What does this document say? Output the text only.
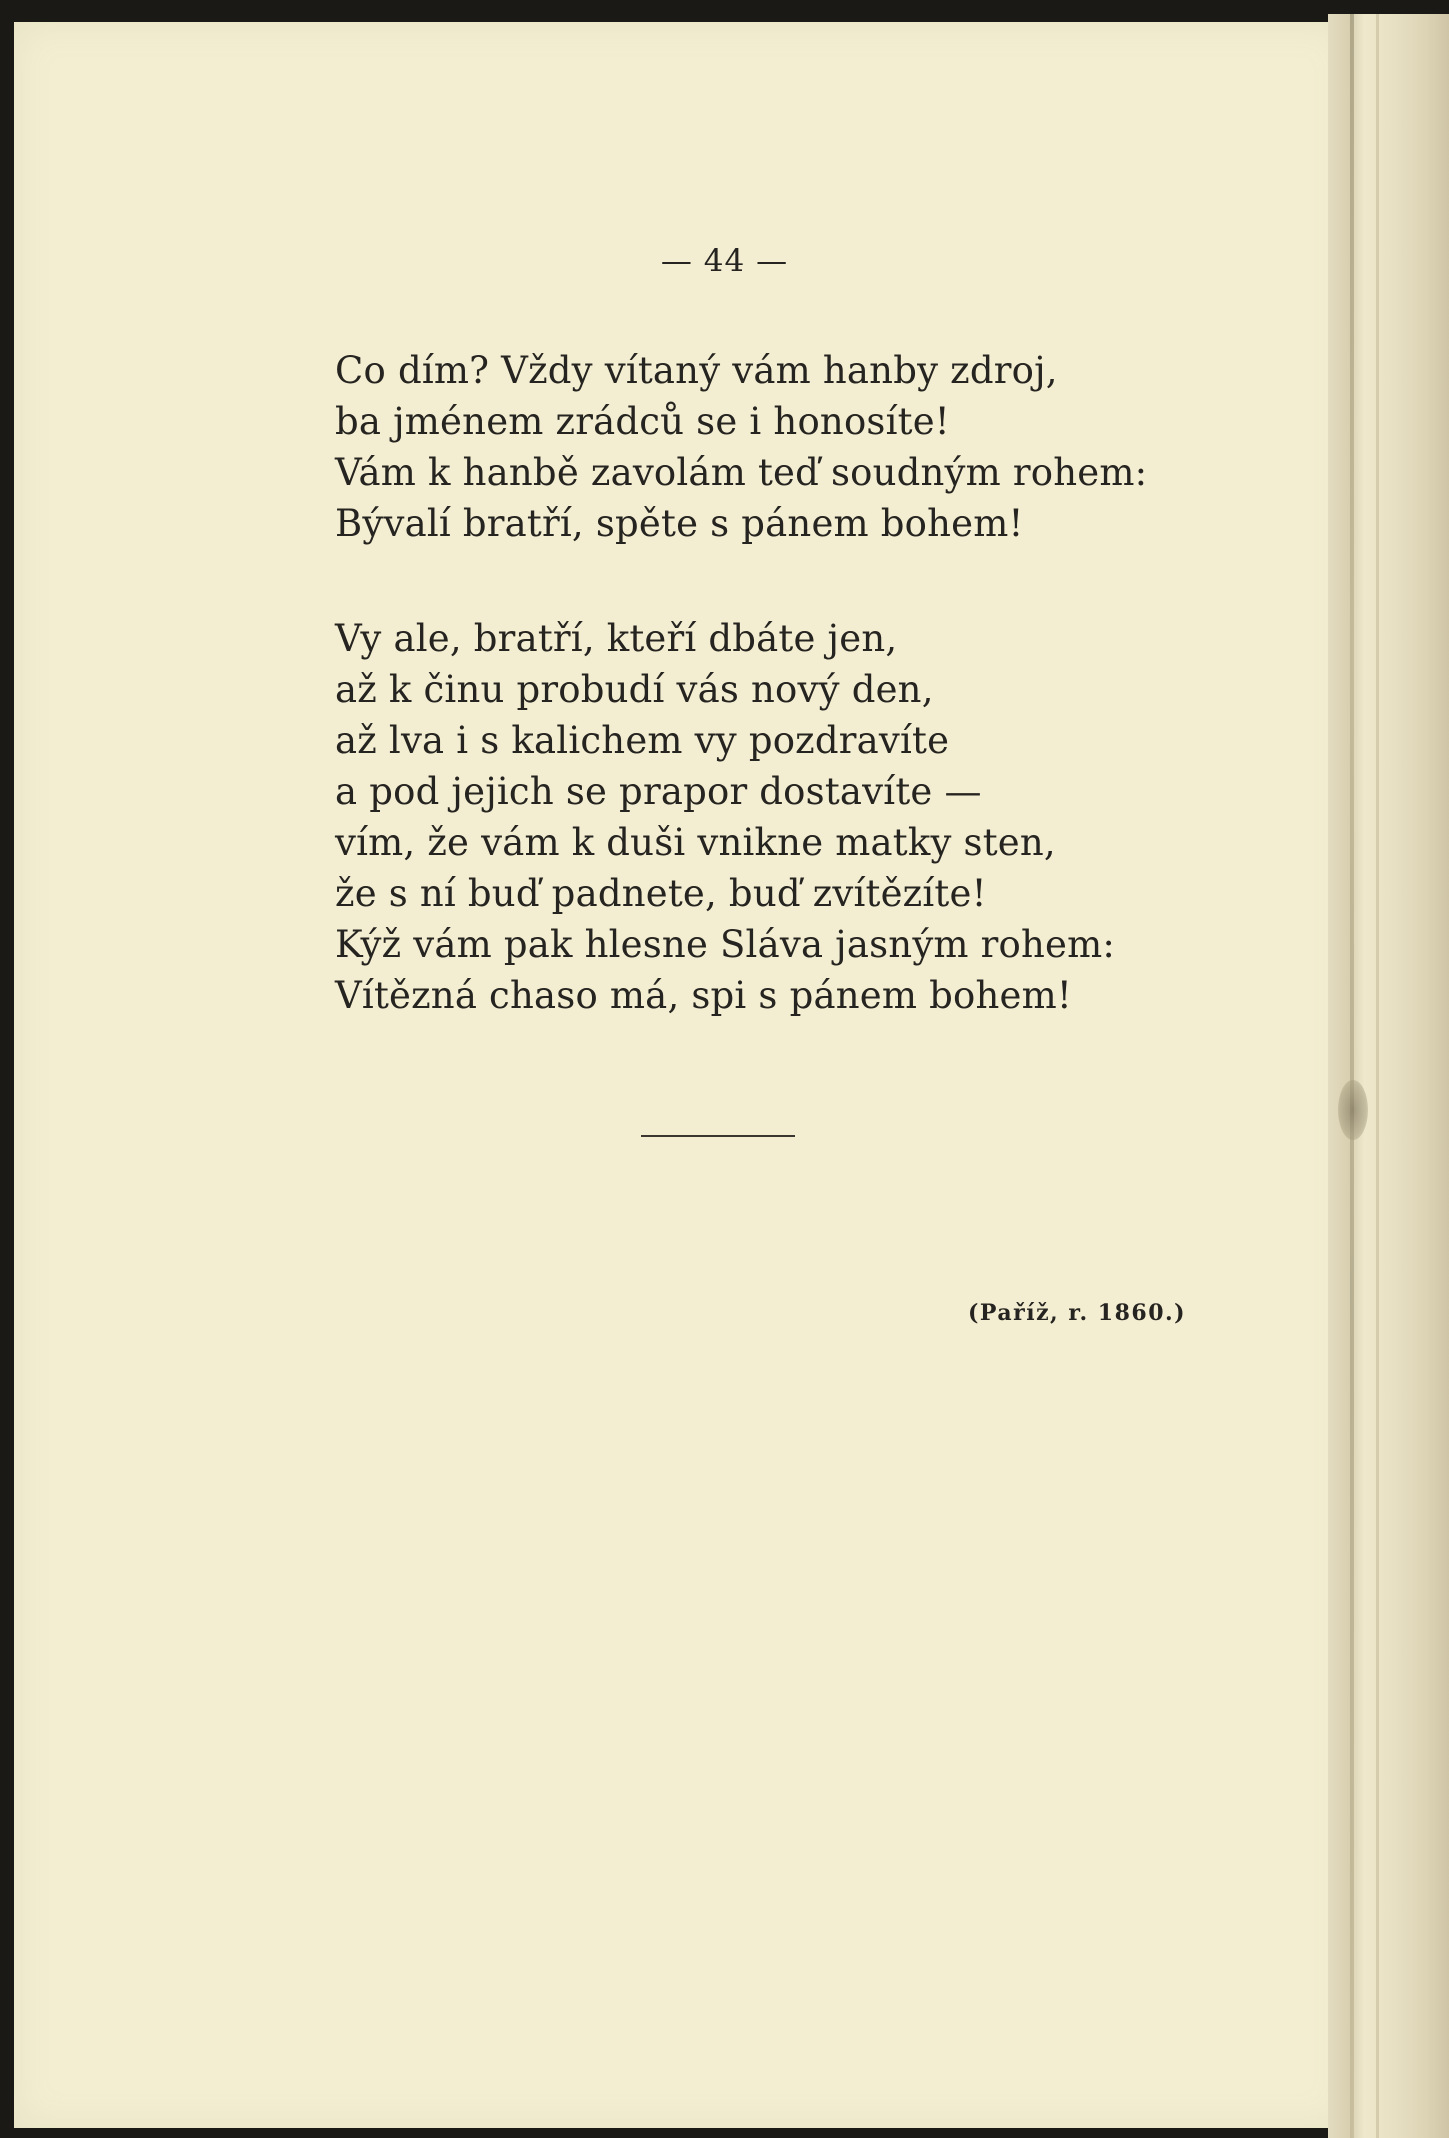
— 44 —
Co dím? Vždy vítaný vám hanby zdroj,
ba jménem zrádců se i honosíte!
Vám k hanbě zavolám teď soudným rohem:
Bývalí bratří, spěte s pánem bohem!
Vy ale, bratří, kteří dbáte jen,
až k činu probudí vás nový den,
až lva i s kalichem vy pozdravíte
a pod jejich se prapor dostavíte —
vím, že vám k duši vnikne matky sten,
že s ní buď padnete, buď zvítězíte!
Kýž vám pak hlesne Sláva jasným rohem:
Vítězná chaso má, spi s pánem bohem!
(Paříž, r. 1860.)
